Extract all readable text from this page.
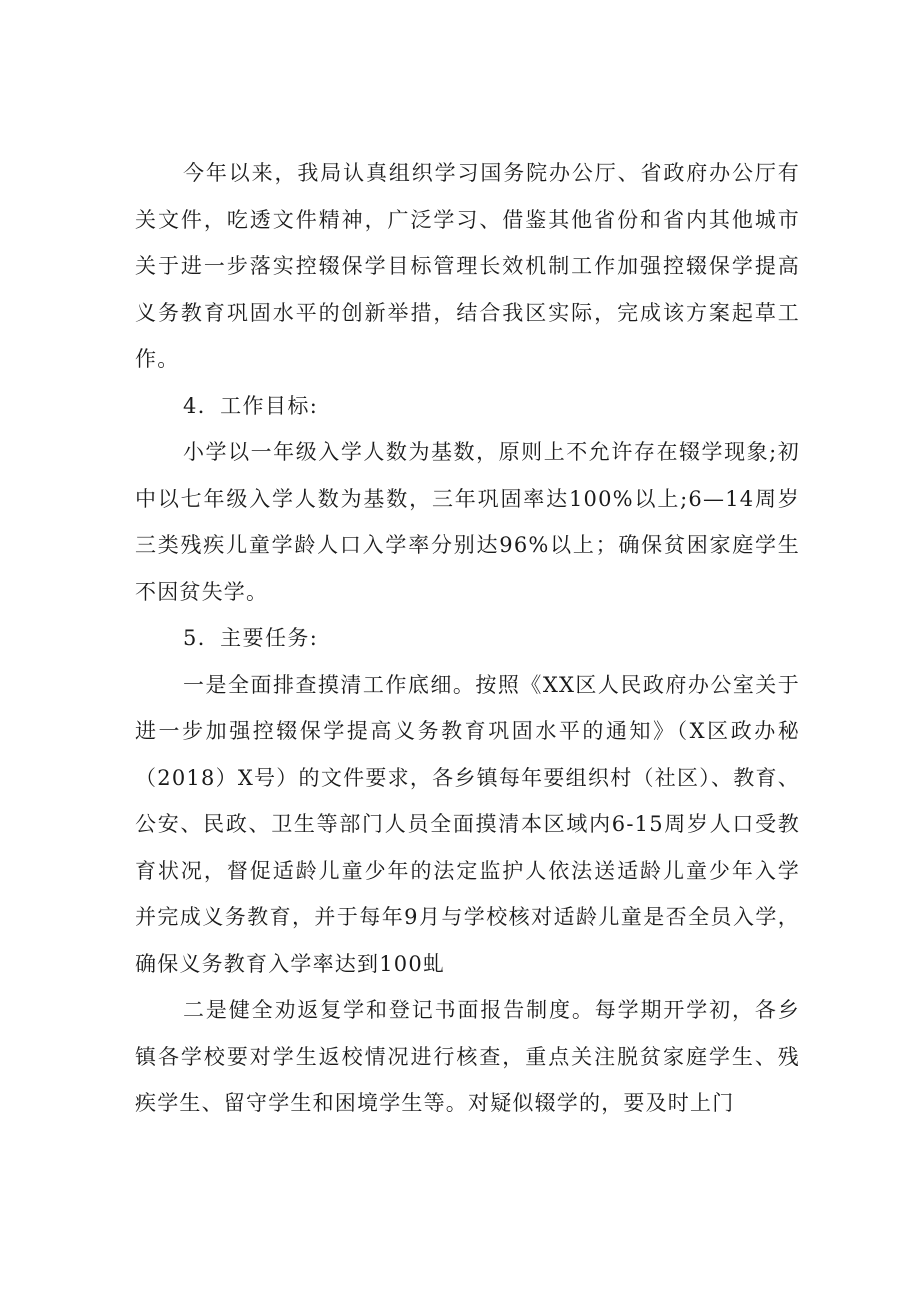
今年以来，我局认真组织学习国务院办公厅、省政府办公厅有关文件，吃透文件精神，广泛学习、借鉴其他省份和省内其他城市关于进一步落实控辍保学目标管理长效机制工作加强控辍保学提高义务教育巩固水平的创新举措，结合我区实际，完成该方案起草工作。

4．工作目标:

小学以一年级入学人数为基数，原则上不允许存在辍学现象;初中以七年级入学人数为基数，三年巩固率达100%以上;6—14周岁三类残疾儿童学龄人口入学率分别达96%以上；确保贫困家庭学生不因贫失学。

5．主要任务:

一是全面排查摸清工作底细。按照《XX区人民政府办公室关于进一步加强控辍保学提高义务教育巩固水平的通知》（X区政办秘（2018）X号）的文件要求，各乡镇每年要组织村（社区）、教育、公安、民政、卫生等部门人员全面摸清本区域内6-15周岁人口受教育状况，督促适龄儿童少年的法定监护人依法送适龄儿童少年入学并完成义务教育，并于每年9月与学校核对适龄儿童是否全员入学，确保义务教育入学率达到100虬

二是健全劝返复学和登记书面报告制度。每学期开学初，各乡镇各学校要对学生返校情况进行核查，重点关注脱贫家庭学生、残疾学生、留守学生和困境学生等。对疑似辍学的，要及时上门
